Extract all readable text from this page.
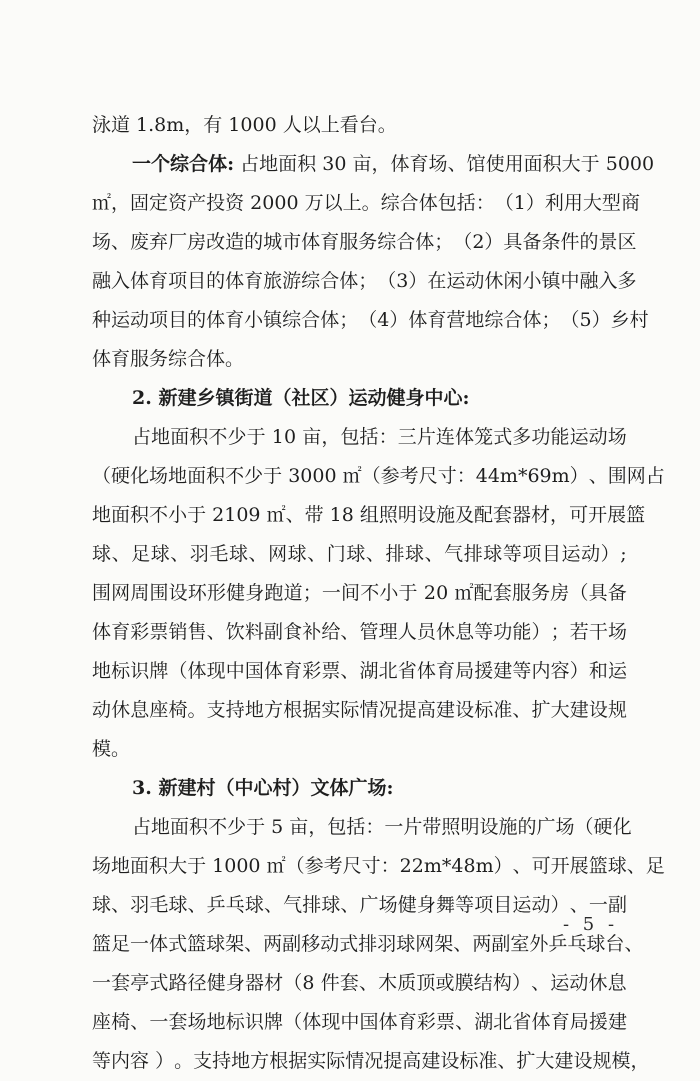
泳道 1.8m，有 1000 人以上看台。
一 个 综 合 体 :
占 地 面 积
3 0
亩 ， 体 育 场 、 馆 使 用 面 积 大 于
5 0 0 0
㎡ ， 固 定 资 产 投 资
2 0 0 0
万 以 上 。 综 合 体 包 括 ： （ 1 ） 利 用 大 型 商
场 、 废 弃 厂 房 改 造 的 城 市 体 育 服 务 综 合 体 ； （ 2 ） 具 备 条 件 的 景 区
融 入 体 育 项 目 的 体 育 旅 游 综 合 体 ； （ 3 ） 在 运 动 休 闲 小 镇 中 融 入 多
种 运 动 项 目 的 体 育 小 镇 综 合 体 ； （ 4 ） 体 育 营 地 综 合 体 ； （ 5 ） 乡 村
体育服务综合体。
2. 新建乡镇街道（社区）运动健身中心:
占 地 面 积 不 少 于
1 0
亩 ， 包 括 ： 三 片 连 体 笼 式 多 功 能 运 动 场
（ 硬 化 场 地 面 积 不 少 于
3 0 0 0
㎡ （ 参 考 尺 寸 ： 4 4 m * 6 9 m ） 、 围 网 占
地 面 积 不 小 于
2 1 0 9
㎡ 、 带
1 8
组 照 明 设 施 及 配 套 器 材 ， 可 开 展 篮
球 、 足 球 、 羽 毛 球 、 网 球 、 门 球 、 排 球 、 气 排 球 等 项 目 运 动 ） ;
围 网 周 围 设 环 形 健 身 跑 道 ； 一 间 不 小 于
2 0
㎡ 配 套 服 务 房 （ 具 备
体 育 彩 票 销 售 、 饮 料 副 食 补 给 、 管 理 人 员 休 息 等 功 能 ） ； 若 干 场
地 标 识 牌 （ 体 现 中 国 体 育 彩 票 、 湖 北 省 体 育 局 援 建 等 内 容 ） 和 运
动 休 息 座 椅 。 支 持 地 方 根 据 实 际 情 况 提 高 建 设 标 准 、 扩 大 建 设 规
模。
3. 新建村（中心村）文体广场:
占 地 面 积 不 少 于
5
亩 ， 包 括 ： 一 片 带 照 明 设 施 的 广 场 （ 硬 化
场 地 面 积 大 于
1 0 0 0
㎡ （ 参 考 尺 寸 ： 2 2 m * 4 8 m ） 、 可 开 展 篮 球 、 足
球 、 羽 毛 球 、 乒 乓 球 、 气 排 球 、 广 场 健 身 舞 等 项 目 运 动 ） 、 一 副
篮 足 一 体 式 篮 球 架 、 两 副 移 动 式 排 羽 球 网 架 、 两 副 室 外 乒 乓 球 台 、
一 套 亭 式 路 径 健 身 器 材 （ 8
件 套 、 木 质 顶 或 膜 结 构 ） 、 运 动 休 息
座 椅 、 一 套 场 地 标 识 牌 （ 体 现 中 国 体 育 彩 票 、 湖 北 省 体 育 局 援 建
等 内 容
） 。 支 持 地 方 根 据 实 际 情 况 提 高 建 设 标 准 、 扩 大 建 设 规 模 ，
- 5 -
